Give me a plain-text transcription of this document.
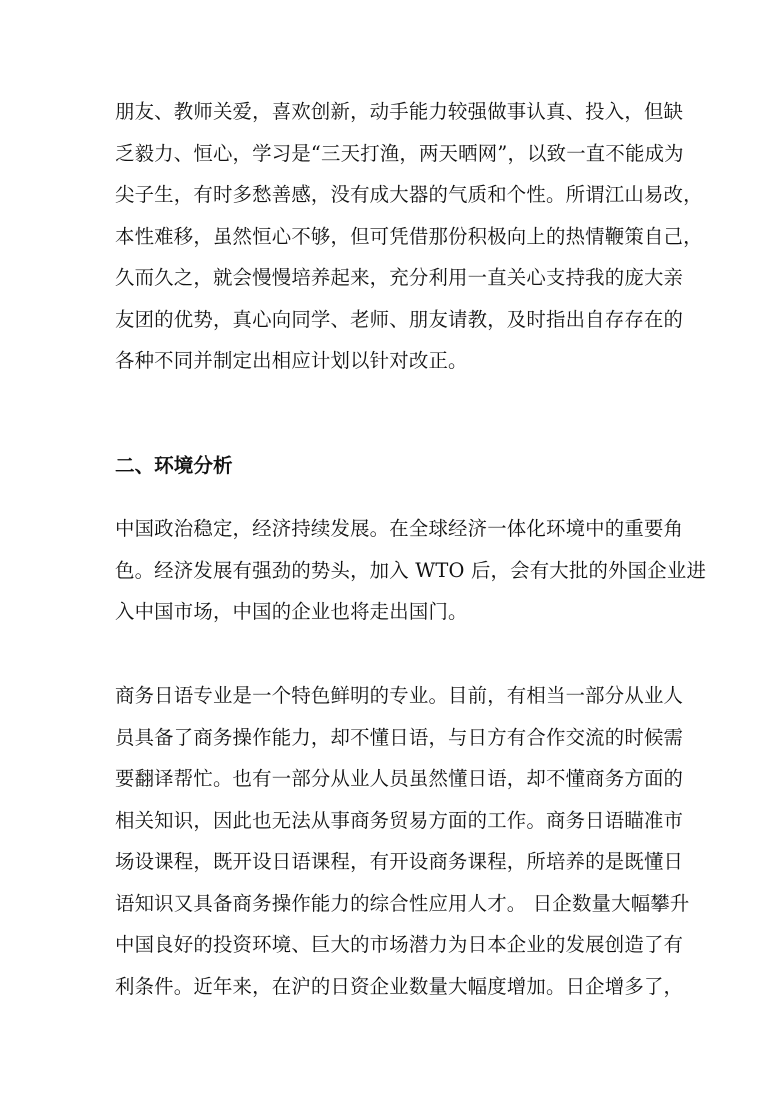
朋友、教师关爱，喜欢创新，动手能力较强做事认真、投入，但缺
乏毅力、恒心，学习是“三天打渔，两天晒网”，以致一直不能成为
尖子生，有时多愁善感，没有成大器的气质和个性。所谓江山易改，
本性难移，虽然恒心不够，但可凭借那份积极向上的热情鞭策自己，
久而久之，就会慢慢培养起来，充分利用一直关心支持我的庞大亲
友团的优势，真心向同学、老师、朋友请教，及时指出自存存在的
各种不同并制定出相应计划以针对改正。
二、环境分析
中国政治稳定，经济持续发展。在全球经济一体化环境中的重要角
色。经济发展有强劲的势头，加入 WTO 后，会有大批的外国企业进
入中国市场，中国的企业也将走出国门。
商务日语专业是一个特色鲜明的专业。目前，有相当一部分从业人
员具备了商务操作能力，却不懂日语，与日方有合作交流的时候需
要翻译帮忙。也有一部分从业人员虽然懂日语，却不懂商务方面的
相关知识，因此也无法从事商务贸易方面的工作。商务日语瞄准市
场设课程，既开设日语课程，有开设商务课程，所培养的是既懂日
语知识又具备商务操作能力的综合性应用人才。 日企数量大幅攀升
中国良好的投资环境、巨大的市场潜力为日本企业的发展创造了有
利条件。近年来，在沪的日资企业数量大幅度增加。日企增多了，
